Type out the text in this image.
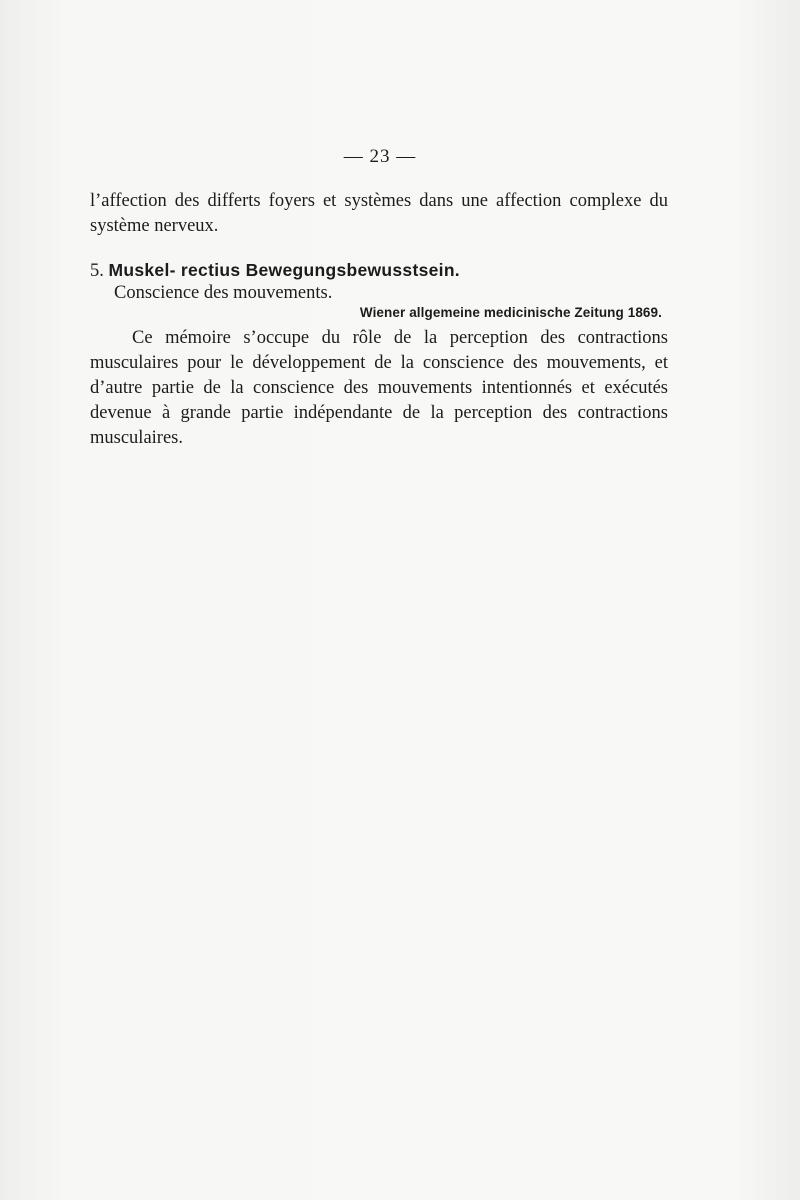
— 23 —
l’affection des differts foyers et systèmes dans une affection complexe du système nerveux.
5. Muskel- rectius Bewegungsbewusstsein.
Conscience des mouvements.
Wiener allgemeine medicinische Zeitung 1869.
Ce mémoire s’occupe du rôle de la perception des contractions musculaires pour le développement de la conscience des mouvements, et d’autre partie de la conscience des mouvements intentionnés et exécutés devenue à grande partie indépendante de la perception des contractions musculaires.
